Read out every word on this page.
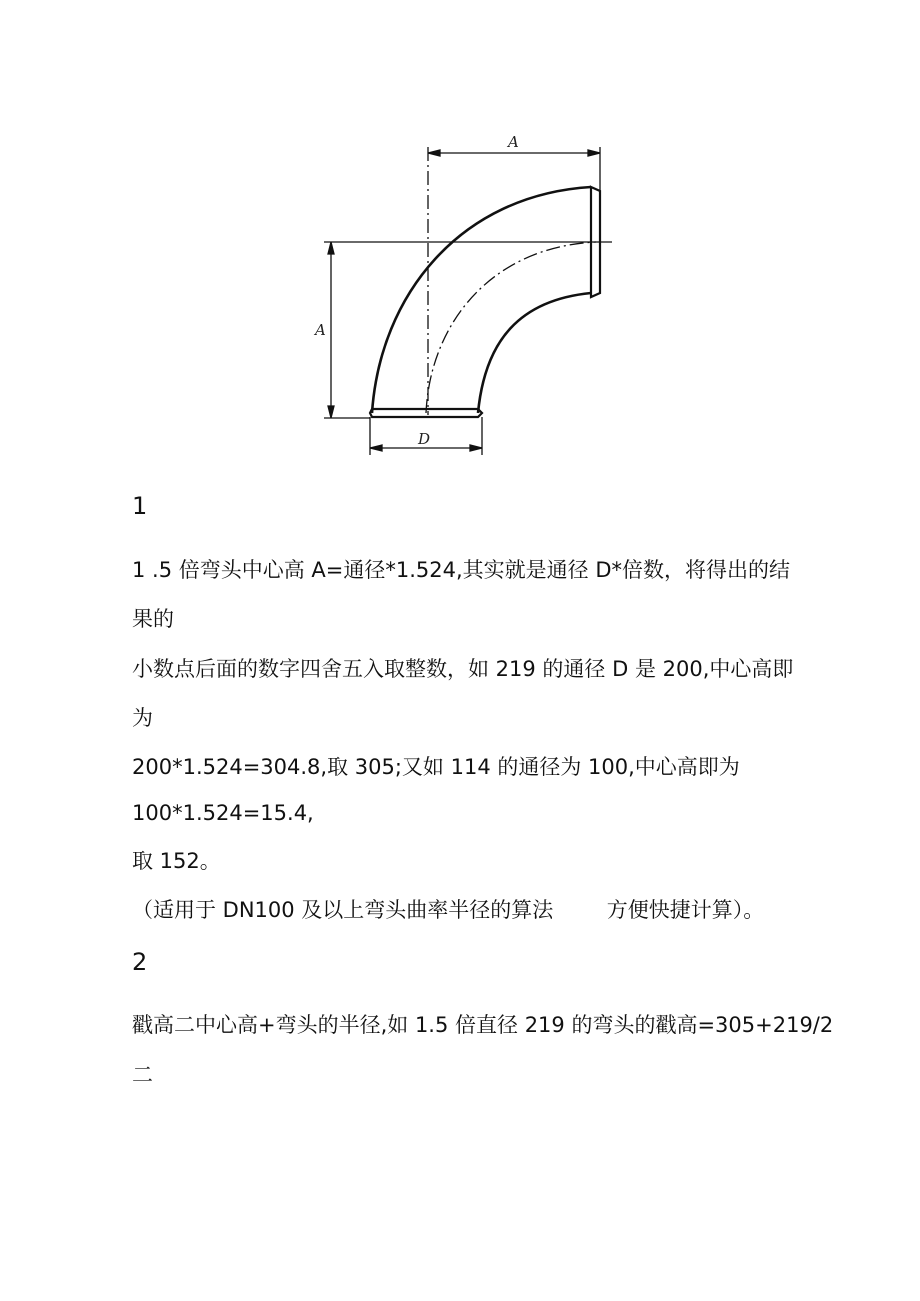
A
A
D
1
1 .5 倍弯头中心高 A=通径*1.524,其实就是通径 D*倍数，将得出的结
果的
小数点后面的数字四舍五入取整数，如 219 的通径 D 是 200,中心高即
为
200*1.524=304.8,取 305;又如 114 的通径为 100,中心高即为
100*1.524=15.4,
取 152。
（适用于 DN100 及以上弯头曲率半径的算法        方便快捷计算）。
2
戳高二中心高+弯头的半径,如 1.5 倍直径 219 的弯头的戳高=305+219/2
二
